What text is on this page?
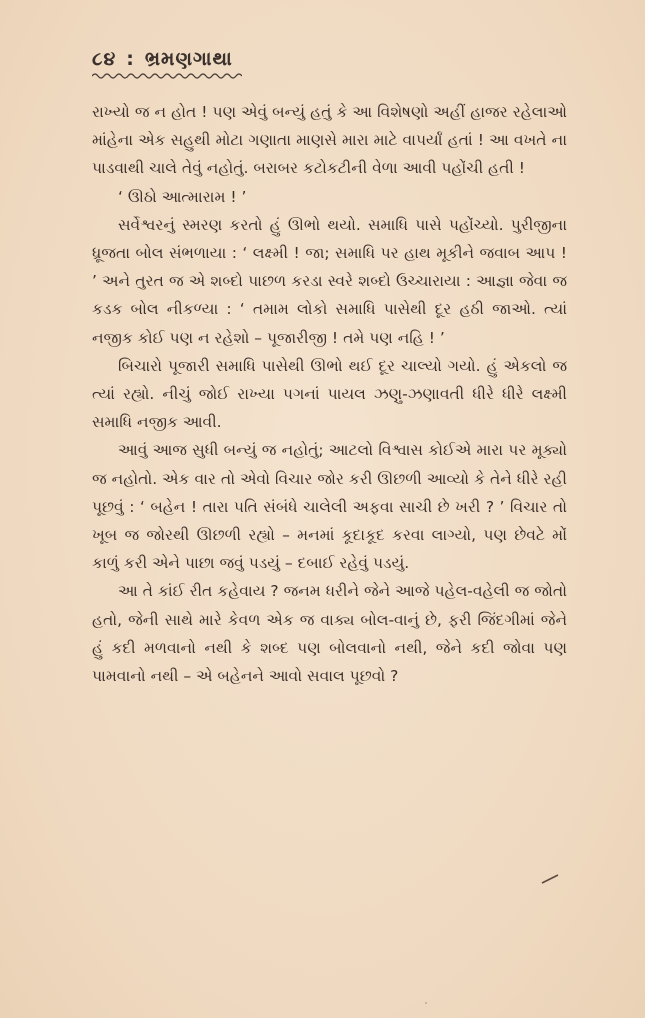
૮૪ : ભ્રમણગાથા

રાખ્યો જ ન હોત ! પણ એવું બન્યું હતું કે આ વિશેષણો અહીં હાજર રહેલાઓ માંહેના એક સહુથી મોટા ગણાતા માણસે મારા માટે વાપર્યાં હતાં ! આ વખતે ના પાડવાથી ચાલે તેવું નહોતું. બરાબર કટોકટીની વેળા આવી પહોંચી હતી !

‘ ઊઠો આત્મારામ ! ’

સર્વેશ્વરનું સ્મરણ કરતો હું ઊભો થયો. સમાધિ પાસે પહોંચ્યો. પુરીજીના ધ્રૂજતા બોલ સંભળાયા : ‘ લક્ષ્મી ! જા; સમાધિ પર હાથ મૂકીને જવાબ આપ ! ’ અને તુરત જ એ શબ્દો પાછળ કરડા સ્વરે શબ્દો ઉચ્ચારાયા : આજ્ઞા જેવા જ કડક બોલ નીકળ્યા : ‘ તમામ લોકો સમાધિ પાસેથી દૂર હઠી જાઓ. ત્યાં નજીક કોઈ પણ ન રહેશો – પૂજારીજી ! તમે પણ નહિ ! ’

બિચારો પૂજારી સમાધિ પાસેથી ઊભો થઈ દૂર ચાલ્યો ગયો. હું એકલો જ ત્યાં રહ્યો. નીચું જોઈ રાખ્યા પગનાં પાયલ ઝણુ-ઝણાવતી ધીરે ધીરે લક્ષ્મી સમાધિ નજીક આવી.

આવું આજ સુધી બન્યું જ નહોતું; આટલો વિશ્વાસ કોઈએ મારા પર મૂક્યો જ નહોતો. એક વાર તો એવો વિચાર જોર કરી ઊછળી આવ્યો કે તેને ધીરે રહી પૂછવું : ‘ બહેન ! તારા પતિ સંબંધે ચાલેલી અફવા સાચી છે ખરી ? ’ વિચાર તો ખૂબ જ જોરથી ઊછળી રહ્યો – મનમાં કૂદાકૂદ કરવા લાગ્યો, પણ છેવટે મોં કાળું કરી એને પાછા જવું પડયું – દબાઈ રહેવું પડયું.

આ તે કાંઈ રીત કહેવાય ? જનમ ધરીને જેને આજે પહેલ-વહેલી જ જોતો હતો, જેની સાથે મારે કેવળ એક જ વાક્ય બોલ-વાનું છે, ફરી જિંદગીમાં જેને હું કદી મળવાનો નથી કે શબ્દ પણ બોલવાનો નથી, જેને કદી જોવા પણ પામવાનો નથી – એ બહેનને આવો સવાલ પૂછવો ?
